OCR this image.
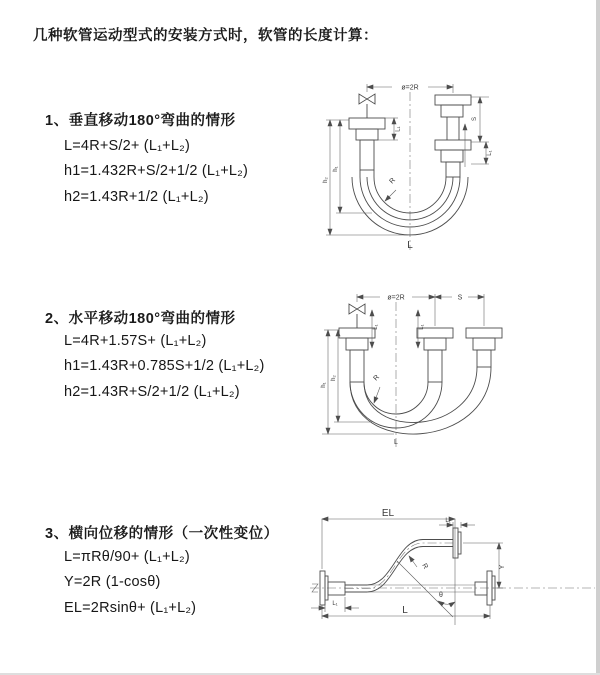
几种软管运动型式的安装方式时，软管的长度计算：
1、垂直移动180°弯曲的情形
L=4R+S/2+ (L₁+L₂)
h1=1.432R+S/2+1/2 (L₁+L₂)
h2=1.43R+1/2 (L₁+L₂)
ø=2R
R
L
h₂
h₁
L₁
S
L₁
2、水平移动180°弯曲的情形
L=4R+1.57S+ (L₁+L₂)
h1=1.43R+0.785S+1/2 (L₁+L₂)
h2=1.43R+S/2+1/2 (L₁+L₂)
ø=2R	S
R
L
h₁
h₂
L₁	L₁
3、横向位移的情形（一次性变位）
L=πRθ/90+ (L₁+L₂)
Y=2R (1-cosθ)
EL=2Rsinθ+ (L₁+L₂)
EL
L₁
Y
L
L₁
θ
R
